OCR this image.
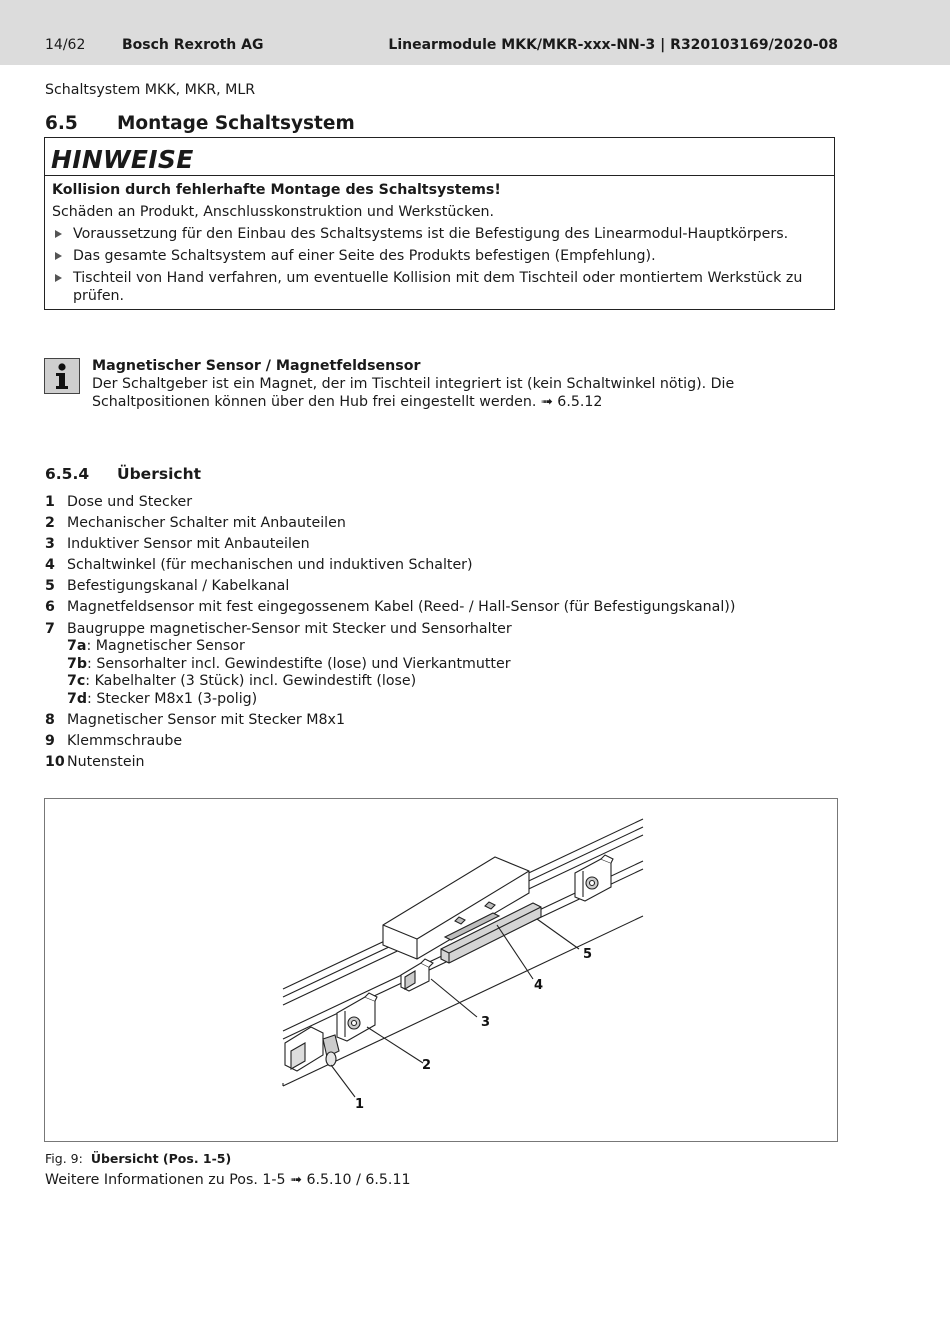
14/62	Bosch Rexroth AG	Linearmodule MKK/MKR-xxx-NN-3 | R320103169/2020-08
Schaltsystem MKK, MKR, MLR
6.5 Montage Schaltsystem
HINWEISE
Kollision durch fehlerhafte Montage des Schaltsystems!
Schäden an Produkt, Anschlusskonstruktion und Werkstücken.
Voraussetzung für den Einbau des Schaltsystems ist die Befestigung des Linearmodul-Hauptkörpers.
Das gesamte Schaltsystem auf einer Seite des Produkts befestigen (Empfehlung).
Tischteil von Hand verfahren, um eventuelle Kollision mit dem Tischteil oder montiertem Werkstück zu prüfen.
Magnetischer Sensor / Magnetfeldsensor
Der Schaltgeber ist ein Magnet, der im Tischteil integriert ist (kein Schaltwinkel nötig). Die Schaltpositionen können über den Hub frei eingestellt werden. ➟ 6.5.12
6.5.4 Übersicht
1 Dose und Stecker
2 Mechanischer Schalter mit Anbauteilen
3 Induktiver Sensor mit Anbauteilen
4 Schaltwinkel (für mechanischen und induktiven Schalter)
5 Befestigungskanal / Kabelkanal
6 Magnetfeldsensor mit fest eingegossenem Kabel (Reed- / Hall-Sensor (für Befestigungskanal))
7 Baugruppe magnetischer-Sensor mit Stecker und Sensorhalter
7a: Magnetischer Sensor
7b: Sensorhalter incl. Gewindestifte (lose) und Vierkantmutter
7c: Kabelhalter (3 Stück) incl. Gewindestift (lose)
7d: Stecker M8x1 (3-polig)
8 Magnetischer Sensor mit Stecker M8x1
9 Klemmschraube
10 Nutenstein
1
2
3
4
5
Fig. 9: Übersicht (Pos. 1-5)
Weitere Informationen zu Pos. 1-5 ➟ 6.5.10 / 6.5.11
